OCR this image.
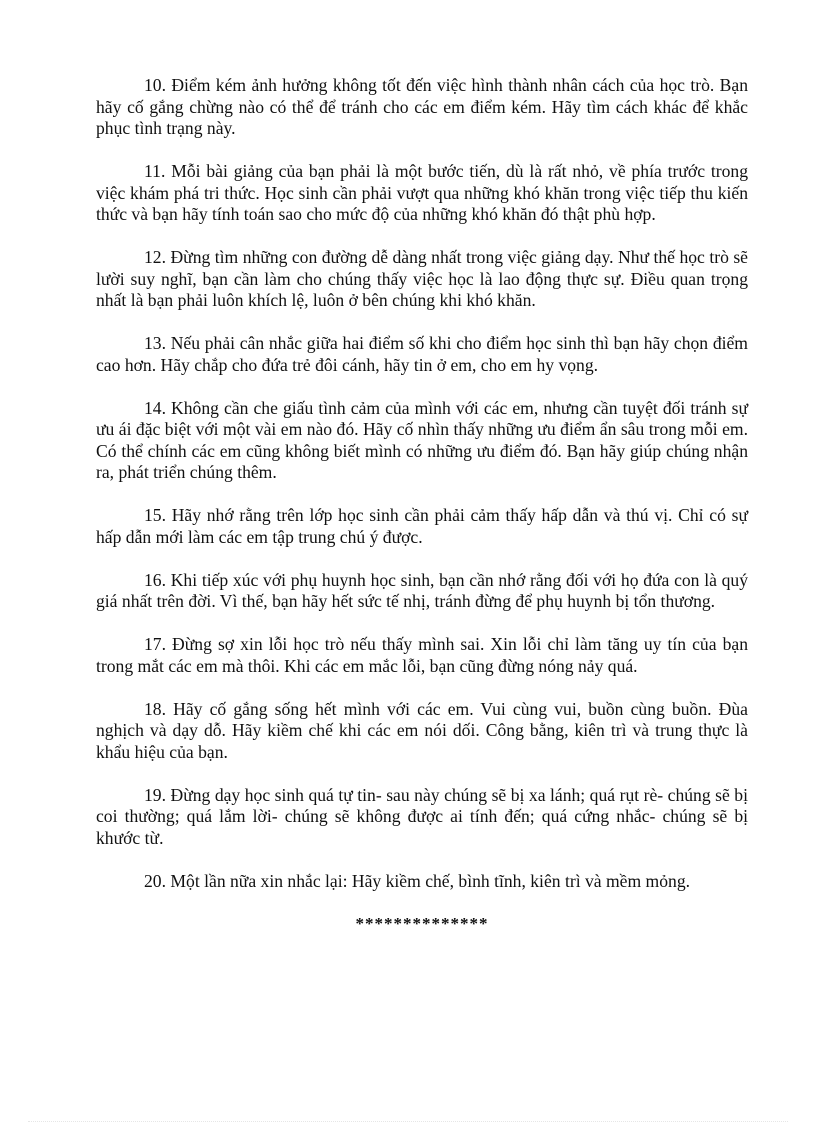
10. Điểm kém ảnh hưởng không tốt đến việc hình thành nhân cách của học trò. Bạn hãy cố gắng chừng nào có thể để tránh cho các em điểm kém. Hãy tìm cách khác để khắc phục tình trạng này.

11. Mỗi bài giảng của bạn phải là một bước tiến, dù là rất nhỏ, về phía trước trong việc khám phá tri thức. Học sinh cần phải vượt qua những khó khăn trong việc tiếp thu kiến thức và bạn hãy tính toán sao cho mức độ của những khó khăn đó thật phù hợp.

12. Đừng tìm những con đường dễ dàng nhất trong việc giảng dạy. Như thế học trò sẽ lười suy nghĩ, bạn cần làm cho chúng thấy việc học là lao động thực sự. Điều quan trọng nhất là bạn phải luôn khích lệ, luôn ở bên chúng khi khó khăn.

13. Nếu phải cân nhắc giữa hai điểm số khi cho điểm học sinh thì bạn hãy chọn điểm cao hơn. Hãy chắp cho đứa trẻ đôi cánh, hãy tin ở em, cho em hy vọng.

14. Không cần che giấu tình cảm của mình với các em, nhưng cần tuyệt đối tránh sự ưu ái đặc biệt với một vài em nào đó. Hãy cố nhìn thấy những ưu điểm ẩn sâu trong mỗi em. Có thể chính các em cũng không biết mình có những ưu điểm đó. Bạn hãy giúp chúng nhận ra, phát triển chúng thêm.

15. Hãy nhớ rằng trên lớp học sinh cần phải cảm thấy hấp dẫn và thú vị. Chỉ có sự hấp dẫn mới làm các em tập trung chú ý được.

16. Khi tiếp xúc với phụ huynh học sinh, bạn cần nhớ rằng đối với họ đứa con là quý giá nhất trên đời. Vì thế, bạn hãy hết sức tế nhị, tránh đừng để phụ huynh bị tổn thương.

17. Đừng sợ xin lỗi học trò nếu thấy mình sai. Xin lỗi chỉ làm tăng uy tín của bạn trong mắt các em mà thôi. Khi các em mắc lỗi, bạn cũng đừng nóng nảy quá.

18. Hãy cố gắng sống hết mình với các em. Vui cùng vui, buồn cùng buồn. Đùa nghịch và dạy dỗ. Hãy kiềm chế khi các em nói dối. Công bằng, kiên trì và trung thực là khẩu hiệu của bạn.

19. Đừng dạy học sinh quá tự tin- sau này chúng sẽ bị xa lánh; quá rụt rè- chúng sẽ bị coi thường; quá lắm lời- chúng sẽ không được ai tính đến; quá cứng nhắc- chúng sẽ bị khước từ.

20. Một lần nữa xin nhắc lại: Hãy kiềm chế, bình tĩnh, kiên trì và mềm mỏng.

**************
